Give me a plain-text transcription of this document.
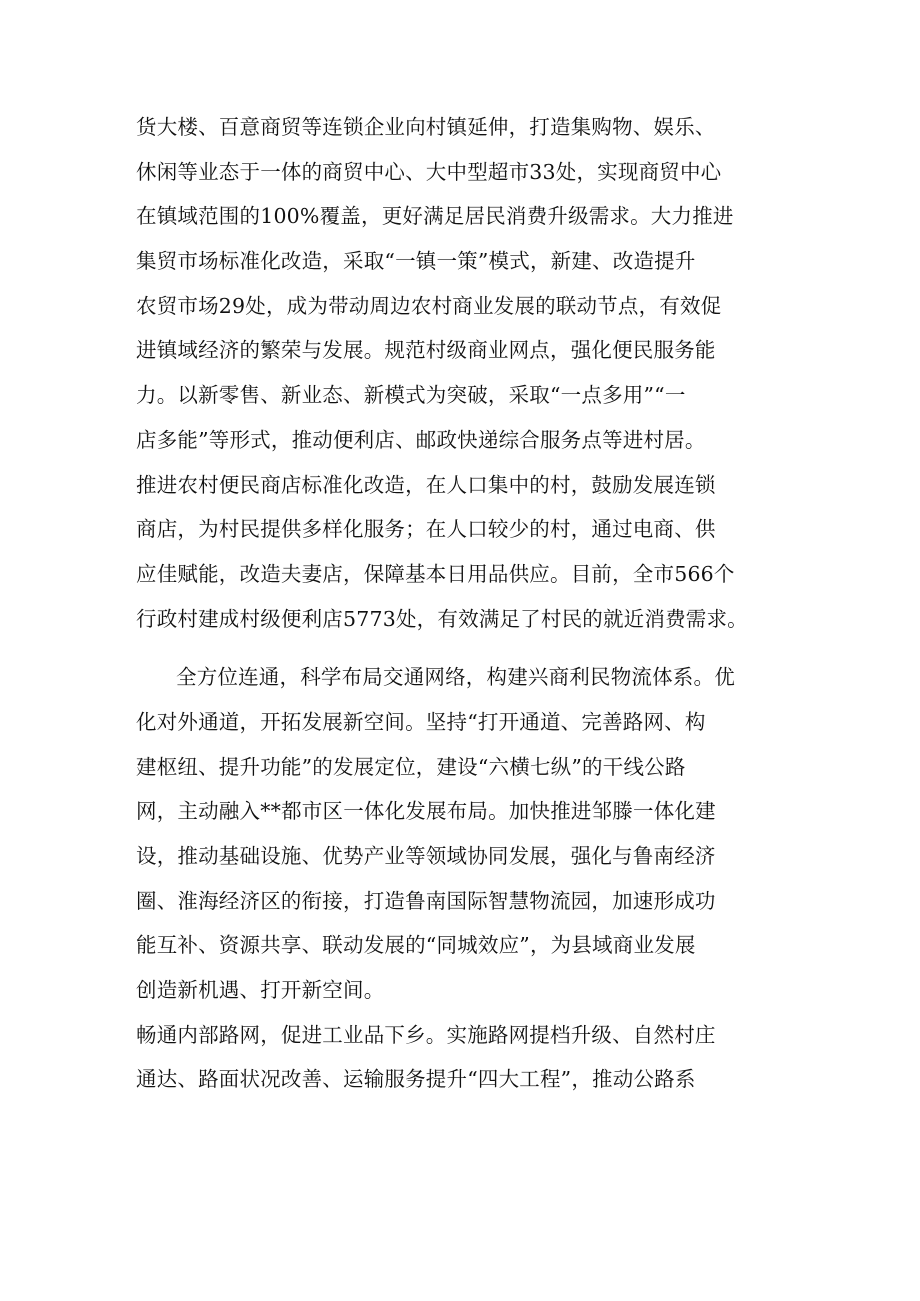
货大楼、百意商贸等连锁企业向村镇延伸，打造集购物、娱乐、
休闲等业态于一体的商贸中心、大中型超市33处，实现商贸中心
在镇域范围的100%覆盖，更好满足居民消费升级需求。大力推进
集贸市场标准化改造，采取“一镇一策”模式，新建、改造提升
农贸市场29处，成为带动周边农村商业发展的联动节点，有效促
进镇域经济的繁荣与发展。规范村级商业网点，强化便民服务能
力。以新零售、新业态、新模式为突破，采取“一点多用”“一
店多能”等形式，推动便利店、邮政快递综合服务点等进村居。
推进农村便民商店标准化改造，在人口集中的村，鼓励发展连锁
商店，为村民提供多样化服务；在人口较少的村，通过电商、供
应佳赋能，改造夫妻店，保障基本日用品供应。目前，全市566个
行政村建成村级便利店5773处，有效满足了村民的就近消费需求。
全方位连通，科学布局交通网络，构建兴商利民物流体系。优
化对外通道，开拓发展新空间。坚持“打开通道、完善路网、构
建枢纽、提升功能”的发展定位，建设“六横七纵”的干线公路
网，主动融入**都市区一体化发展布局。加快推进邹滕一体化建
设，推动基础设施、优势产业等领域协同发展，强化与鲁南经济
圈、淮海经济区的衔接，打造鲁南国际智慧物流园，加速形成功
能互补、资源共享、联动发展的“同城效应”，为县域商业发展
创造新机遇、打开新空间。
畅通内部路网，促进工业品下乡。实施路网提档升级、自然村庄
通达、路面状况改善、运输服务提升“四大工程”，推动公路系
